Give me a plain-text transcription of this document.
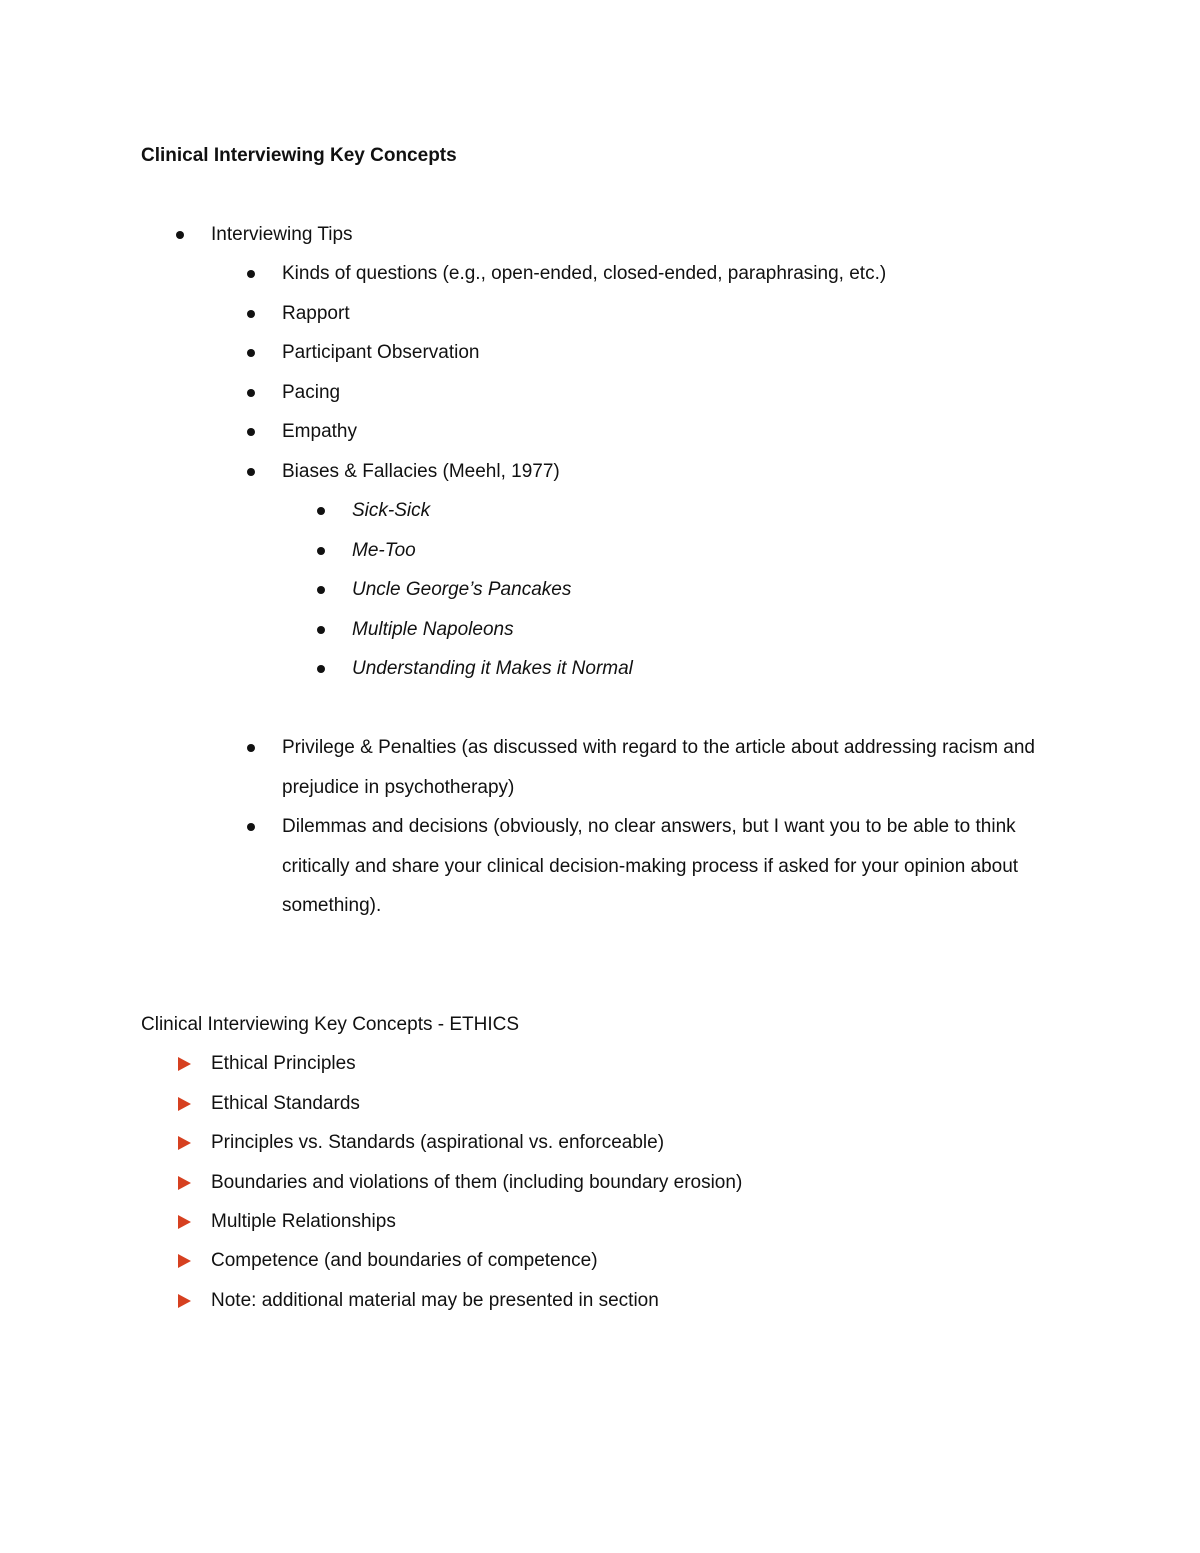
Clinical Interviewing Key Concepts
Interviewing Tips
Kinds of questions (e.g., open-ended, closed-ended, paraphrasing, etc.)
Rapport
Participant Observation
Pacing
Empathy
Biases & Fallacies (Meehl, 1977)
Sick-Sick
Me-Too
Uncle George’s Pancakes
Multiple Napoleons
Understanding it Makes it Normal
Privilege & Penalties (as discussed with regard to the article about addressing racism and
prejudice in psychotherapy)
Dilemmas and decisions (obviously, no clear answers, but I want you to be able to think
critically and share your clinical decision-making process if asked for your opinion about
something).
Clinical Interviewing Key Concepts - ETHICS
Ethical Principles
Ethical Standards
Principles vs. Standards (aspirational vs. enforceable)
Boundaries and violations of them (including boundary erosion)
Multiple Relationships
Competence (and boundaries of competence)
Note: additional material may be presented in section
